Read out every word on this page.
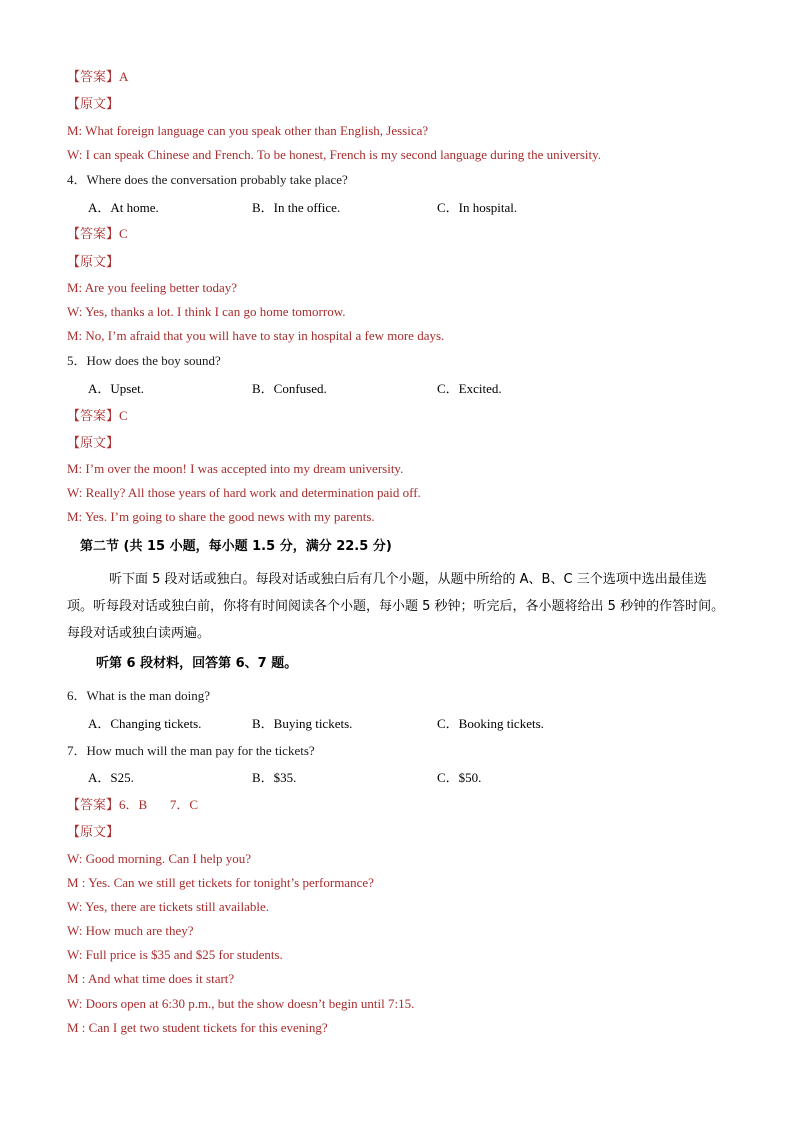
【答案】A
【原文】
M: What foreign language can you speak other than English, Jessica?
W: I can speak Chinese and French. To be honest, French is my second language during the university.
4．Where does the conversation probably take place?
A．At home.	B．In the office.	C．In hospital.
【答案】C
【原文】
M: Are you feeling better today?
W: Yes, thanks a lot. I think I can go home tomorrow.
M: No, I’m afraid that you will have to stay in hospital a few more days.
5．How does the boy sound?
A．Upset.	B．Confused.	C．Excited.
【答案】C
【原文】
M: I’m over the moon! I was accepted into my dream university.
W: Really? All those years of hard work and determination paid off.
M: Yes. I’m going to share the good news with my parents.
第二节 (共 15 小题，每小题 1.5 分，满分 22.5 分)
听下面 5 段对话或独白。每段对话或独白后有几个小题，从题中所给的 A、B、C 三个选项中选出最佳选项。听每段对话或独白前，你将有时间阅读各个小题，每小题 5 秒钟；听完后，各小题将给出 5 秒钟的作答时间。每段对话或独白读两遍。
听第 6 段材料，回答第 6、7 题。
6．What is the man doing?
A．Changing tickets.	B．Buying tickets.	C．Booking tickets.
7．How much will the man pay for the tickets?
A．S25.	B．$35.	C．$50.
【答案】6．B       7．C
【原文】
W: Good morning. Can I help you?
M : Yes. Can we still get tickets for tonight’s performance?
W: Yes, there are tickets still available.
W: How much are they?
W: Full price is $35 and $25 for students.
M : And what time does it start?
W: Doors open at 6:30 p.m., but the show doesn’t begin until 7:15.
M : Can I get two student tickets for this evening?
